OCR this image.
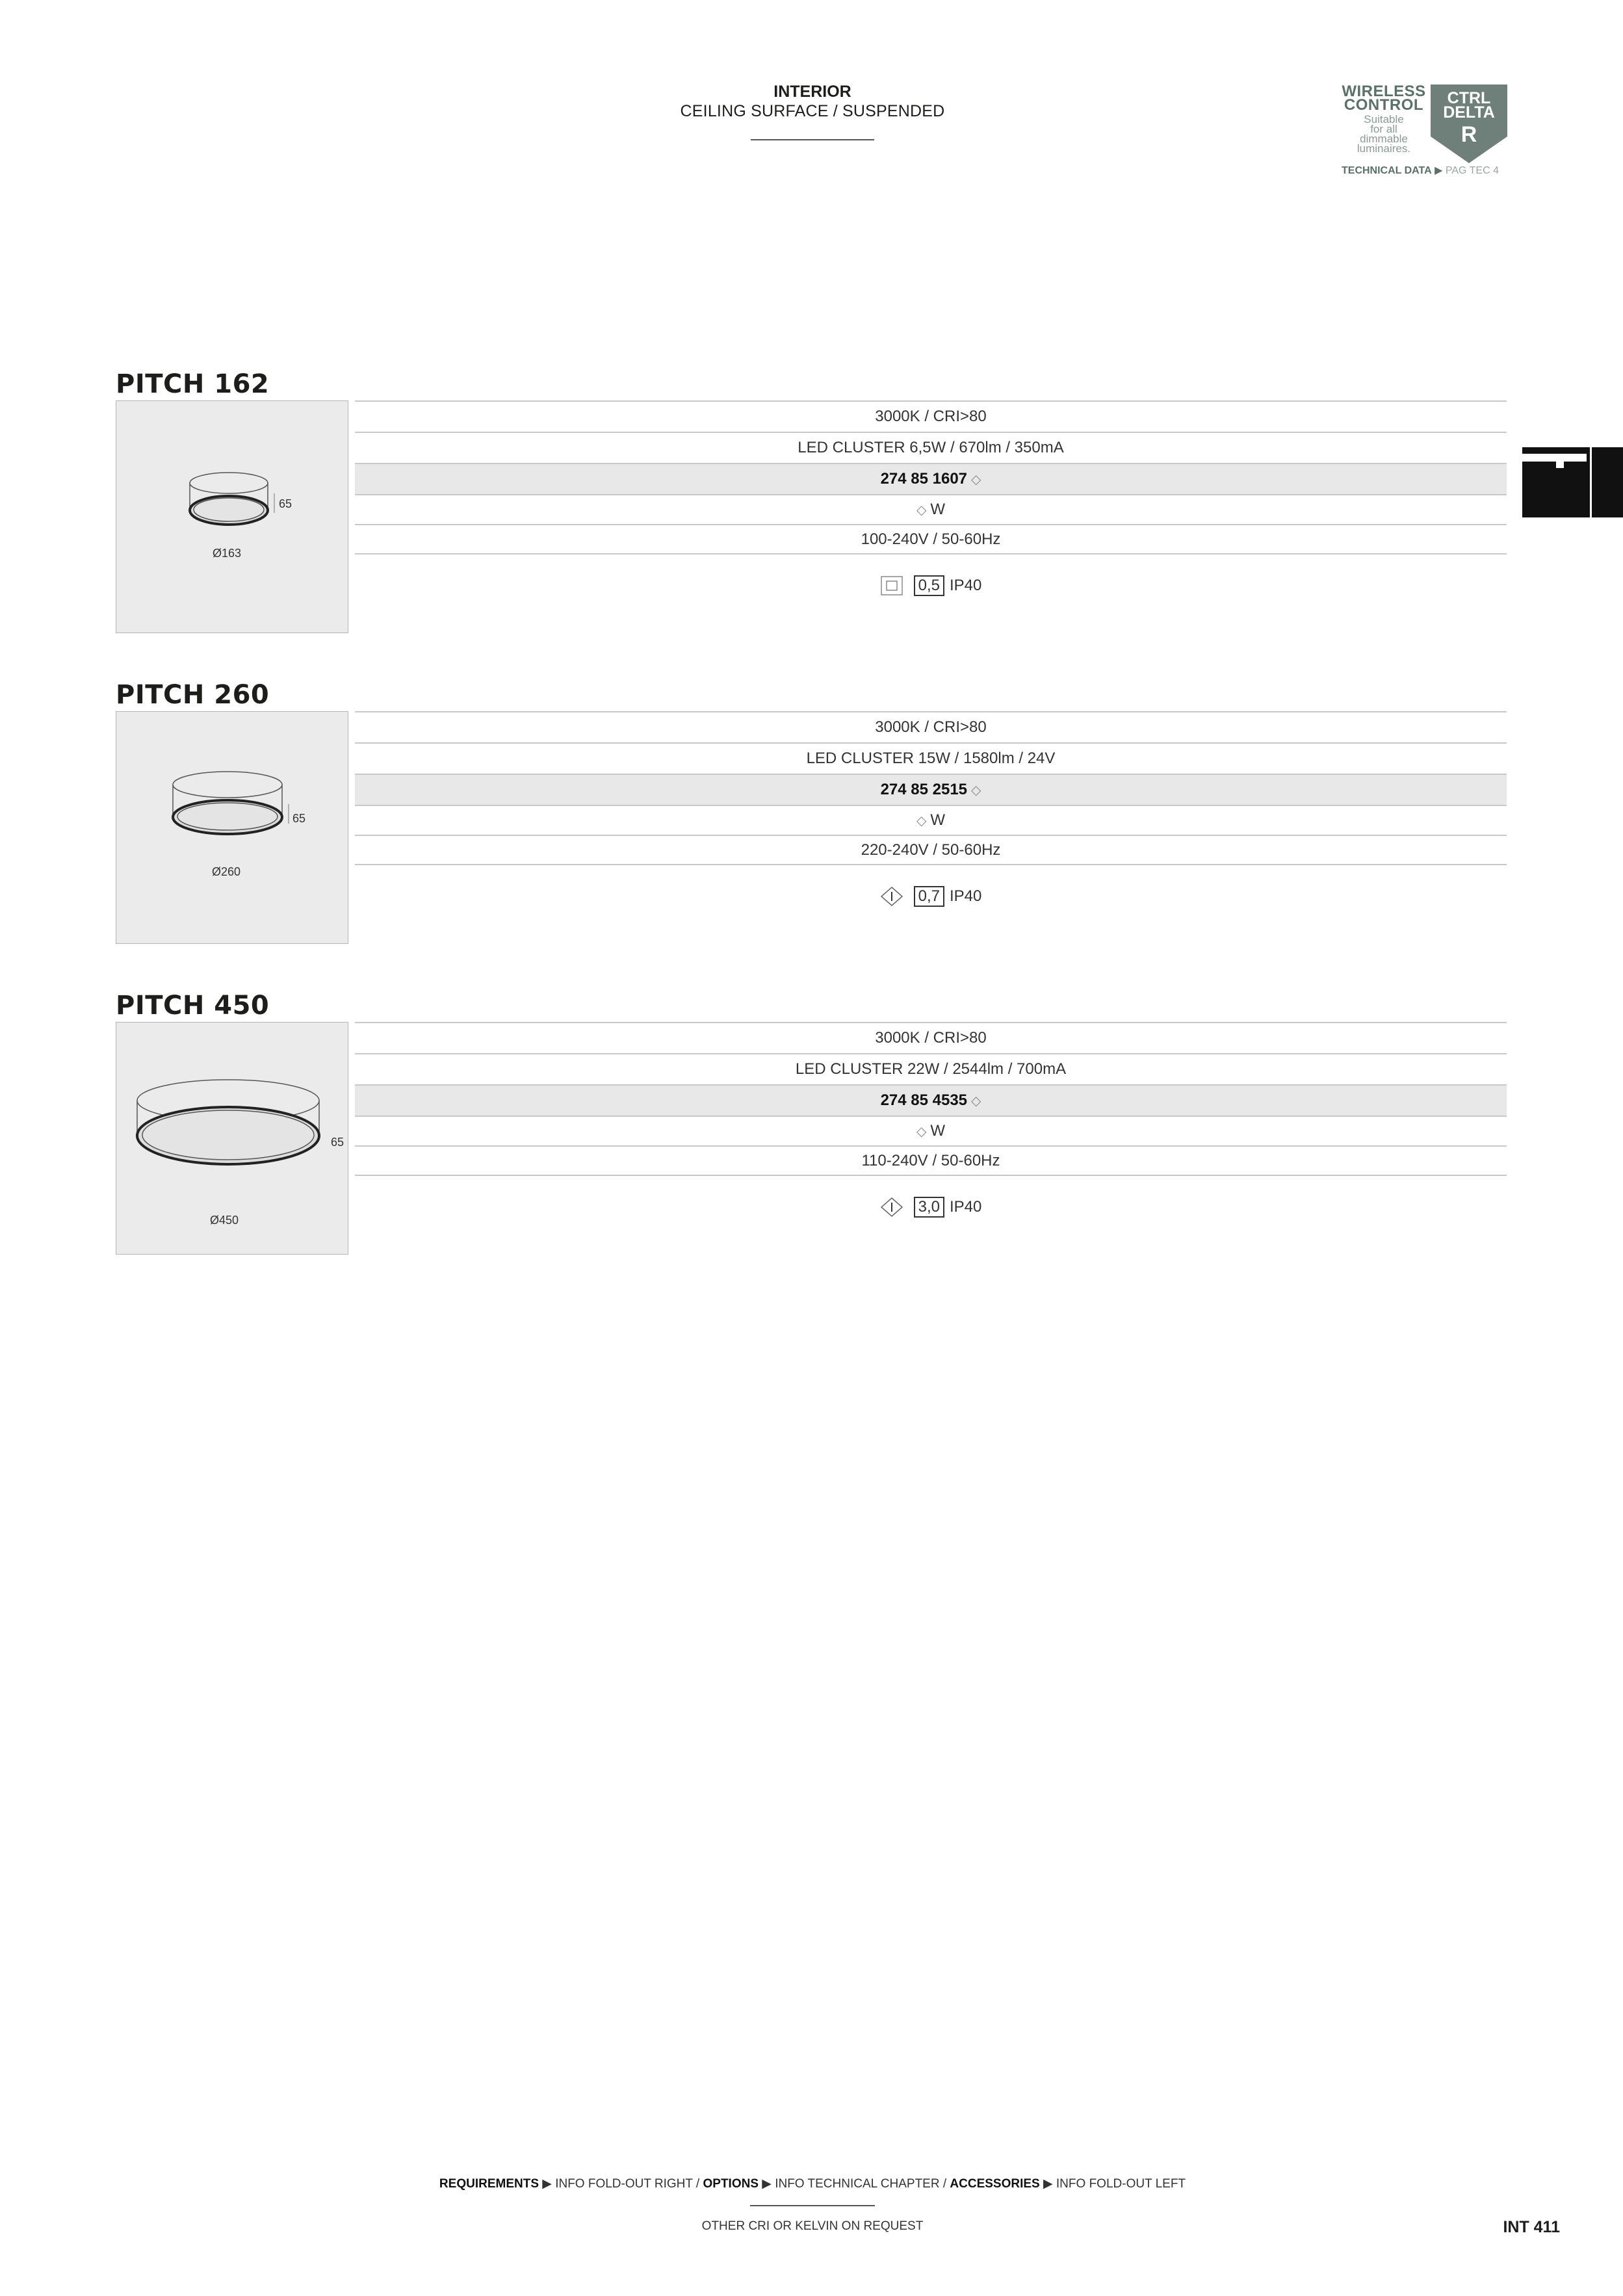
INTERIOR
CEILING SURFACE / SUSPENDED
WIRELESS
CONTROL
Suitable
for all
dimmable
luminaires.
CTRL
DELTA
R
TECHNICAL DATA ▶ PAG TEC 4
PITCH 162
65
Ø163
3000K / CRI>80
LED CLUSTER 6,5W / 670lm / 350mA
274 85 1607 ◇
◇ W
100-240V / 50-60Hz
0,5 IP40
PITCH 260
65
Ø260
3000K / CRI>80
LED CLUSTER 15W / 1580lm / 24V
274 85 2515 ◇
◇ W
220-240V / 50-60Hz
0,7 IP40
PITCH 450
65
Ø450
3000K / CRI>80
LED CLUSTER 22W / 2544lm / 700mA
274 85 4535 ◇
◇ W
110-240V / 50-60Hz
3,0 IP40
REQUIREMENTS ▶ INFO FOLD-OUT RIGHT / OPTIONS ▶ INFO TECHNICAL CHAPTER / ACCESSORIES ▶ INFO FOLD-OUT LEFT
OTHER CRI OR KELVIN ON REQUEST	INT 411
